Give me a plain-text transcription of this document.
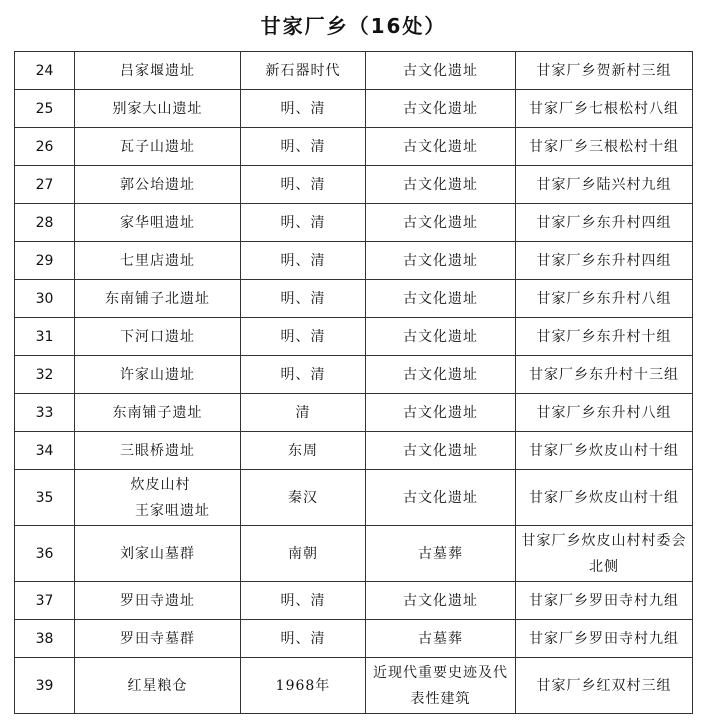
甘家厂乡（16处）
24	吕家堰遗址	新石器时代	古文化遗址	甘家厂乡贺新村三组
25	别家大山遗址	明、清	古文化遗址	甘家厂乡七根松村八组
26	瓦子山遗址	明、清	古文化遗址	甘家厂乡三根松村十组
27	郭公坮遗址	明、清	古文化遗址	甘家厂乡陆兴村九组
28	家华咀遗址	明、清	古文化遗址	甘家厂乡东升村四组
29	七里店遗址	明、清	古文化遗址	甘家厂乡东升村四组
30	东南铺子北遗址	明、清	古文化遗址	甘家厂乡东升村八组
31	下河口遗址	明、清	古文化遗址	甘家厂乡东升村十组
32	许家山遗址	明、清	古文化遗址	甘家厂乡东升村十三组
33	东南铺子遗址	清	古文化遗址	甘家厂乡东升村八组
34	三眼桥遗址	东周	古文化遗址	甘家厂乡炊皮山村十组
35	炊皮山村
王家咀遗址	秦汉	古文化遗址	甘家厂乡炊皮山村十组
36	刘家山墓群	南朝	古墓葬	甘家厂乡炊皮山村村委会北侧
37	罗田寺遗址	明、清	古文化遗址	甘家厂乡罗田寺村九组
38	罗田寺墓群	明、清	古墓葬	甘家厂乡罗田寺村九组
39	红星粮仓	1968年	近现代重要史迹及代表性建筑	甘家厂乡红双村三组
